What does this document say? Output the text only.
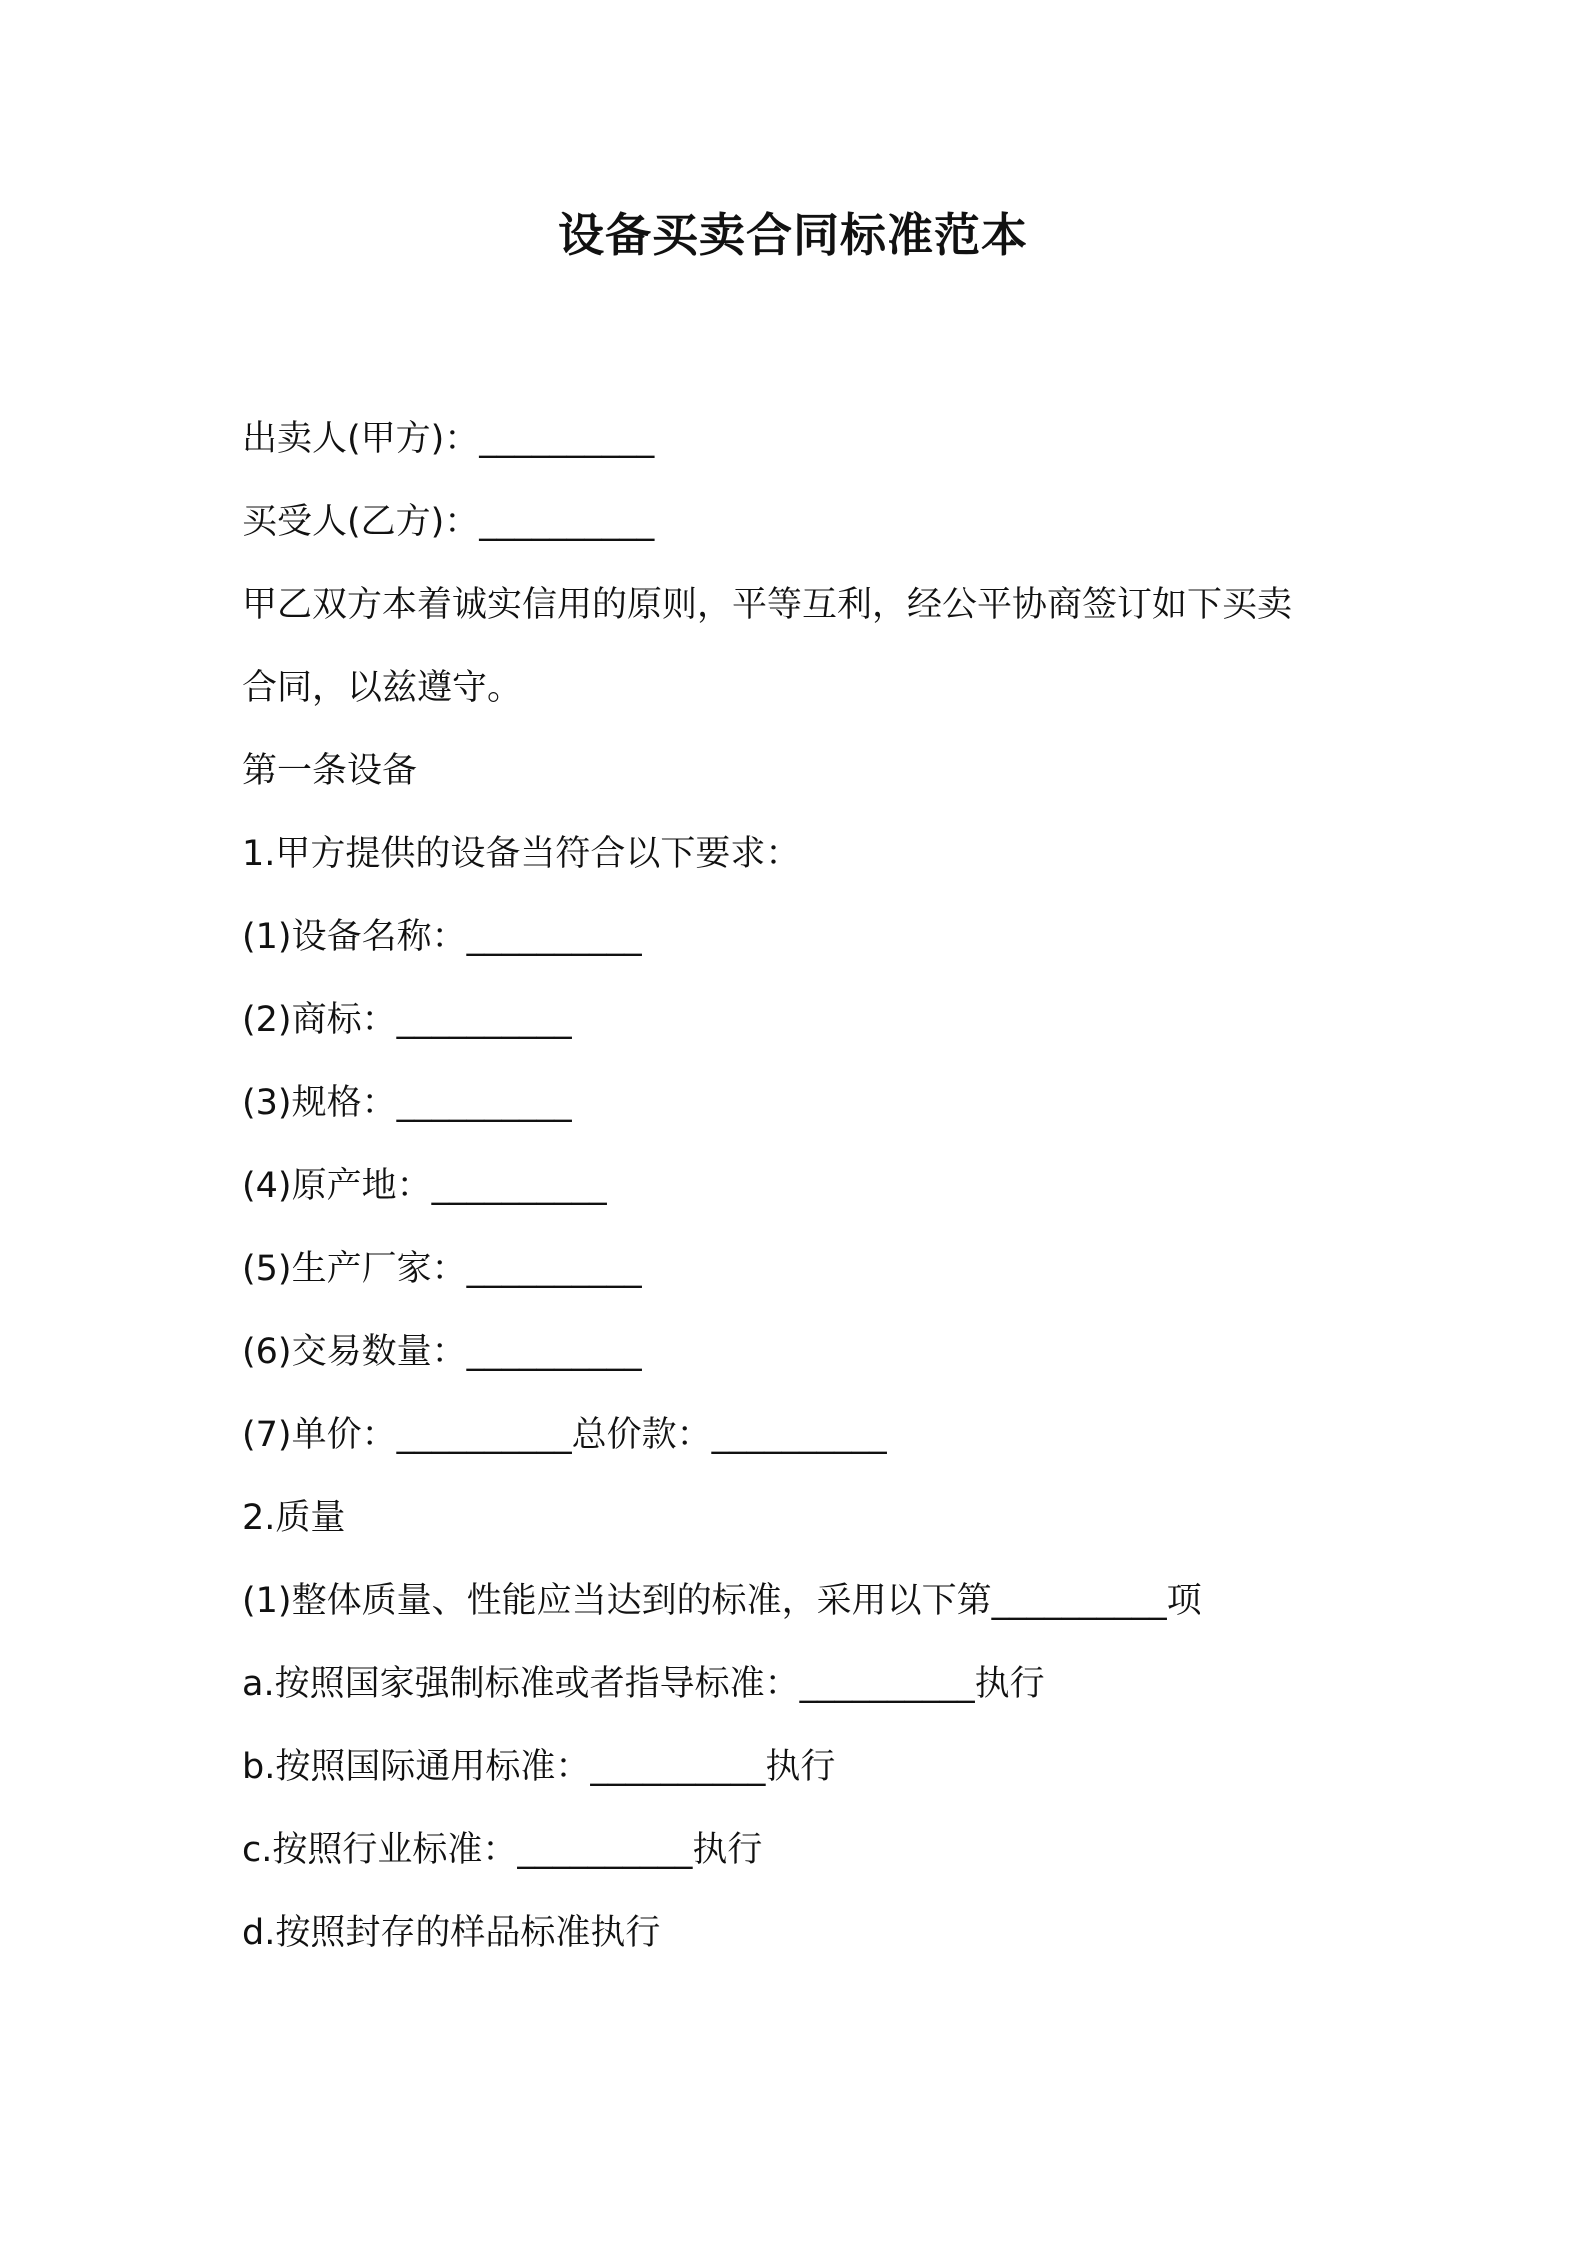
设备买卖合同标准范本
出卖人(甲方)：__________
买受人(乙方)：__________
甲乙双方本着诚实信用的原则，平等互利，经公平协商签订如下买卖
合同，以兹遵守。
第一条设备
1.甲方提供的设备当符合以下要求：
(1)设备名称：__________
(2)商标：__________
(3)规格：__________
(4)原产地：__________
(5)生产厂家：__________
(6)交易数量：__________
(7)单价：__________总价款：__________
2.质量
(1)整体质量、性能应当达到的标准，采用以下第__________项
a.按照国家强制标准或者指导标准：__________执行
b.按照国际通用标准：__________执行
c.按照行业标准：__________执行
d.按照封存的样品标准执行
